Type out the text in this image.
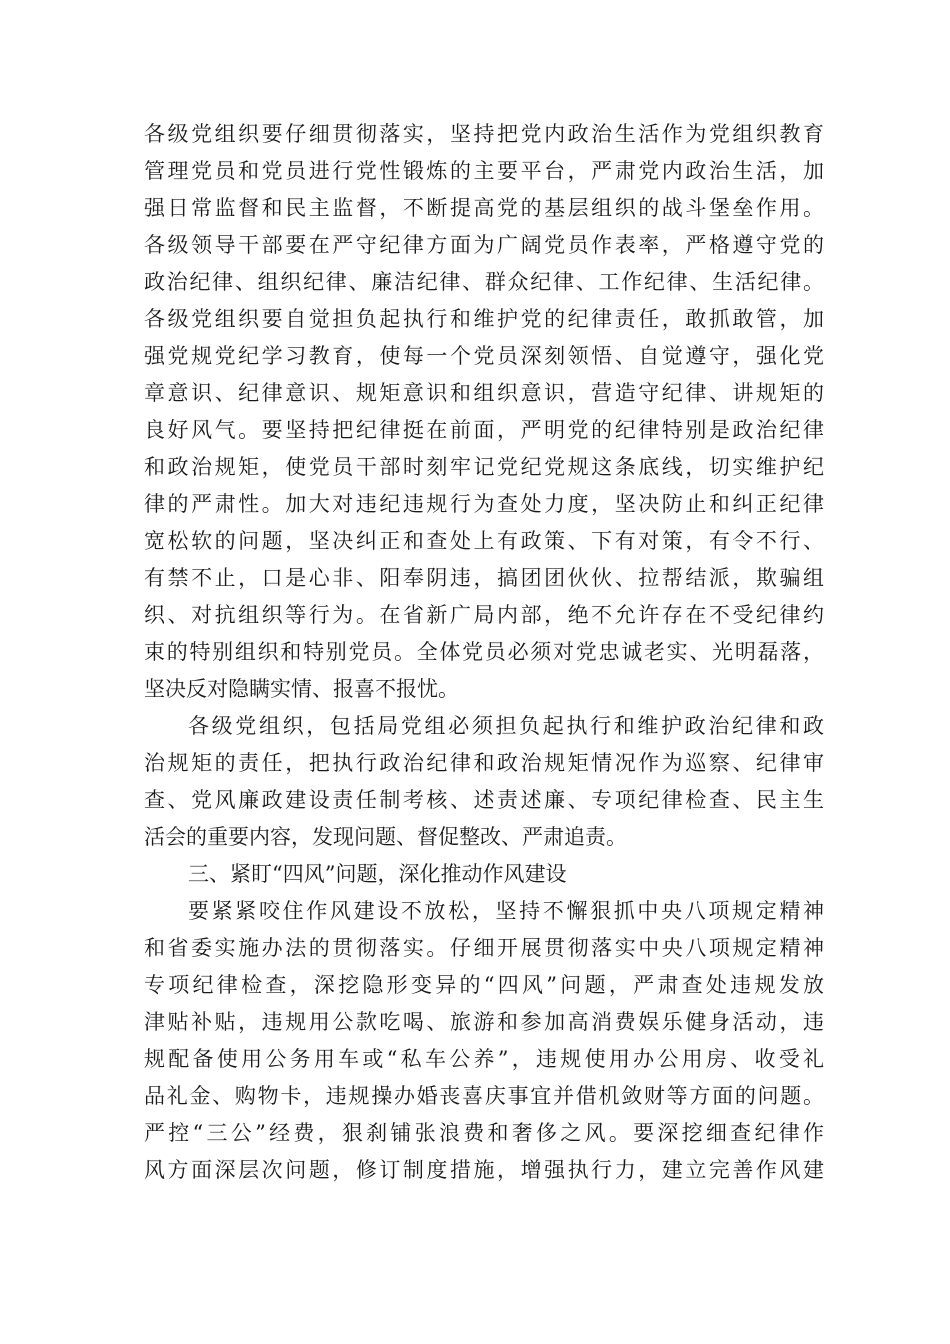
各级党组织要仔细贯彻落实，坚持把党内政治生活作为党组织教育
管理党员和党员进行党性锻炼的主要平台，严肃党内政治生活，加
强日常监督和民主监督，不断提高党的基层组织的战斗堡垒作用。
各级领导干部要在严守纪律方面为广阔党员作表率，严格遵守党的
政治纪律、组织纪律、廉洁纪律、群众纪律、工作纪律、生活纪律。
各级党组织要自觉担负起执行和维护党的纪律责任，敢抓敢管，加
强党规党纪学习教育，使每一个党员深刻领悟、自觉遵守，强化党
章意识、纪律意识、规矩意识和组织意识，营造守纪律、讲规矩的
良好风气。要坚持把纪律挺在前面，严明党的纪律特别是政治纪律
和政治规矩，使党员干部时刻牢记党纪党规这条底线，切实维护纪
律的严肃性。加大对违纪违规行为查处力度，坚决防止和纠正纪律
宽松软的问题，坚决纠正和查处上有政策、下有对策，有令不行、
有禁不止，口是心非、阳奉阴违，搞团团伙伙、拉帮结派，欺骗组
织、对抗组织等行为。在省新广局内部，绝不允许存在不受纪律约
束的特别组织和特别党员。全体党员必须对党忠诚老实、光明磊落，
坚决反对隐瞒实情、报喜不报忧。
各级党组织，包括局党组必须担负起执行和维护政治纪律和政
治规矩的责任，把执行政治纪律和政治规矩情况作为巡察、纪律审
查、党风廉政建设责任制考核、述责述廉、专项纪律检查、民主生
活会的重要内容，发现问题、督促整改、严肃追责。
三、紧盯“四风”问题，深化推动作风建设
要紧紧咬住作风建设不放松，坚持不懈狠抓中央八项规定精神
和省委实施办法的贯彻落实。仔细开展贯彻落实中央八项规定精神
专项纪律检查，深挖隐形变异的“四风”问题，严肃查处违规发放
津贴补贴，违规用公款吃喝、旅游和参加高消费娱乐健身活动，违
规配备使用公务用车或“私车公养”，违规使用办公用房、收受礼
品礼金、购物卡，违规操办婚丧喜庆事宜并借机敛财等方面的问题。
严控“三公”经费，狠刹铺张浪费和奢侈之风。要深挖细查纪律作
风方面深层次问题，修订制度措施，增强执行力，建立完善作风建
